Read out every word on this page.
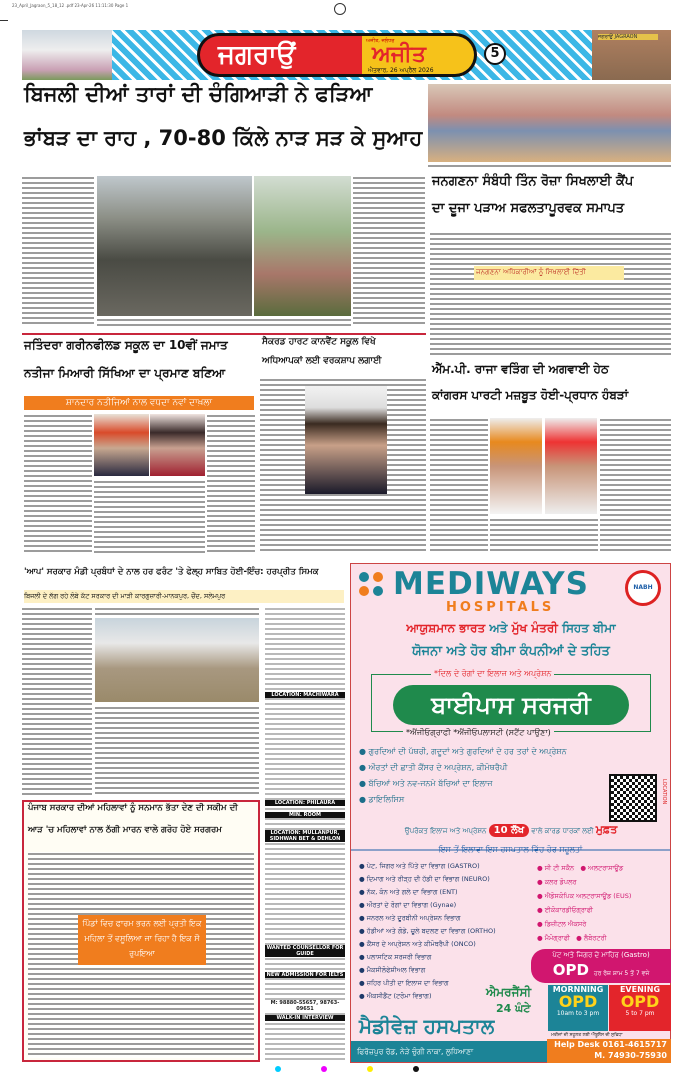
23_April_Jagraon_5_18_12 .pdf 23-Apr-26 11:11:30 Page 1
ਜਗਰਾਉਂ	ਅਜੀਤ, ਜਲੰਧਰ
ਅਜੀਤ
ਐਤਵਾਰ, 26 ਅਪ੍ਰੈਲ 2026
5
ਜਗਰਾਉਂ JAGRAON
ਬਿਜਲੀ ਦੀਆਂ ਤਾਰਾਂ ਦੀ ਚੰਗਿਆੜੀ ਨੇ ਫੜਿਆ
ਭਾਂਬੜ ਦਾ ਰਾਹ , 70-80 ਕਿੱਲੇ ਨਾੜ ਸੜ ਕੇ ਸੁਆਹ
ਜਨਗਣਨਾ ਸੰਬੰਧੀ ਤਿੰਨ ਰੋਜ਼ਾ ਸਿਖਲਾਈ ਕੈਂਪ
ਦਾ ਦੂਜਾ ਪੜਾਅ ਸਫਲਤਾਪੂਰਵਕ ਸਮਾਪਤ
ਜਨਗਣਨਾ ਅਧਿਕਾਰੀਆਂ ਨੂੰ ਸਿਖਲਾਈ ਦਿੱਤੀ
ਜਤਿੰਦਰਾ ਗਰੀਨਫੀਲਡ ਸਕੂਲ ਦਾ 10ਵੀਂ ਜਮਾਤ
ਨਤੀਜਾ ਮਿਆਰੀ ਸਿੱਖਿਆ ਦਾ ਪ੍ਰਮਾਣ ਬਣਿਆ
ਸ਼ਾਨਦਾਰ ਨਤੀਜਿਆਂ ਨਾਲ ਵਧਦਾ ਨਵਾਂ ਦਾਖ਼ਲਾ
ਸੈਕਰਡ ਹਾਰਟ ਕਾਨਵੈਂਟ ਸਕੂਲ ਵਿਖੇ
ਅਧਿਆਪਕਾਂ ਲਈ ਵਰਕਸ਼ਾਪ ਲਗਾਈ
ਐੱਮ.ਪੀ. ਰਾਜਾ ਵੜਿੰਗ ਦੀ ਅਗਵਾਈ ਹੇਠ
ਕਾਂਗਰਸ ਪਾਰਟੀ ਮਜ਼ਬੂਤ ਹੋਈ-ਪ੍ਰਧਾਨ ਹੰਬੜਾਂ
'ਆਪ' ਸਰਕਾਰ ਮੰਡੀ ਪ੍ਰਬੰਧਾਂ ਦੇ ਨਾਲ ਹਰ ਫਰੰਟ 'ਤੇ ਫੇਲ੍ਹ ਸਾਬਿਤ ਹੋਈ-ਇੰਚ: ਹਰਪ੍ਰੀਤ ਸਿਮਕ
ਬਿਜਲੀ ਦੇ ਲੱਗ ਰਹੇ ਲੰਬੇ ਕੱਟ ਸਰਕਾਰ ਦੀ ਮਾੜੀ ਕਾਰਗੁਜ਼ਾਰੀ-ਮਾਨਕਪੁਰ, ਚੌਂਦ, ਸਲੇਮਪੁਰ
LOCATION: MACHIWARA
LOCATION: PHILAURA
MIN. ROOM
LOCATION: MULLANPUR, SIDHWAN BET & DEHLON
WANTED COUNSELLOR FOR GUIDE
NEW ADMISSION FOR IELTS
M: 98880-55657, 98763-09651
WALK-IN INTERVIEW
ਪੰਜਾਬ ਸਰਕਾਰ ਦੀਆਂ ਮਹਿਲਾਵਾਂ ਨੂੰ ਸਨਮਾਨ ਭੱਤਾ ਦੇਣ ਦੀ ਸਕੀਮ ਦੀ
ਆੜ 'ਚ ਮਹਿਲਾਵਾਂ ਨਾਲ ਠੱਗੀ ਮਾਰਨ ਵਾਲੇ ਗਰੋਹ ਹੋਏ ਸਰਗਰਮ
ਪਿੰਡਾਂ ਵਿਚ ਫਾਰਮ ਭਰਨ ਲਈ ਪ੍ਰਤੀ ਇਕ ਮਹਿਲਾ ਤੋਂ ਵਸੂਲਿਆ ਜਾ ਰਿਹਾ ਹੈ ਇਕ ਸੌ ਰੁਪਇਆ
MEDIWAYS
HOSPITALS
NABH
ਆਯੁਸ਼ਮਾਨ ਭਾਰਤ ਅਤੇ ਮੁੱਖ ਮੰਤਰੀ ਸਿਹਤ ਬੀਮਾ
ਯੋਜਨਾ ਅਤੇ ਹੋਰ ਬੀਮਾ ਕੰਪਨੀਆਂ ਦੇ ਤਹਿਤ
*ਦਿਲ ਦੇ ਰੋਗਾਂ ਦਾ ਇਲਾਜ ਅਤੇ ਅਪ੍ਰੇਸ਼ਨ
ਬਾਈਪਾਸ ਸਰਜਰੀ
*ਐਂਜੀਓਗ੍ਰਾਫੀ *ਐਂਜੀਓਪਲਾਸਟੀ (ਸਟੈਂਟ ਪਾਉਣਾ)
● ਗੁਰਦਿਆਂ ਦੀ ਪੱਥਰੀ, ਗਦੂਦਾਂ ਅਤੇ ਗੁਰਦਿਆਂ ਦੇ ਹਰ ਤਰਾਂ ਦੇ ਅਪ੍ਰੇਸ਼ਨ
● ਔਰਤਾਂ ਦੀ ਛਾਤੀ ਕੈਂਸਰ ਦੇ ਅਪ੍ਰੇਸ਼ਨ, ਕੀਮੋਥਰੈਪੀ
● ਬੱਚਿਆਂ ਅਤੇ ਨਵ-ਜਨਮੇ ਬੱਚਿਆਂ ਦਾ ਇਲਾਜ
● ਡਾਇਲਿਸਿਸ	LOCATION
ਉਪਰੋਕਤ ਇਲਾਜ ਅਤੇ ਅਪ੍ਰੇਸ਼ਨ 10 ਲੱਖ ਵਾਲੇ ਕਾਰਡ ਧਾਰਕਾਂ ਲਈ ਮੁਫ਼ਤ
ਇਸ ਤੋਂ ਇਲਾਵਾ ਇਸ ਹਸਪਤਾਲ ਵਿੱਚ ਹੋਰ ਸਹੂਲਤਾਂ
● ਪੇਟ, ਜਿਗਰ ਅਤੇ ਪਿੱਤੇ ਦਾ ਵਿਭਾਗ (GASTRO)
● ਦਿਮਾਗ ਅਤੇ ਰੀੜ੍ਹ ਦੀ ਹੱਡੀ ਦਾ ਵਿਭਾਗ (NEURO)
● ਨੱਕ, ਕੰਨ ਅਤੇ ਗਲੇ ਦਾ ਵਿਭਾਗ (ENT)
● ਔਰਤਾਂ ਦੇ ਰੋਗਾਂ ਦਾ ਵਿਭਾਗ (Gynae)
● ਜਨਰਲ ਅਤੇ ਦੂਰਬੀਨੀ ਅਪ੍ਰੇਸ਼ਨ ਵਿਭਾਗ
● ਹੱਡੀਆਂ ਅਤੇ ਗੋਡੇ, ਚੂਲੇ ਬਦਲਣ ਦਾ ਵਿਭਾਗ (ORTHO)
● ਕੈਂਸਰ ਦੇ ਅਪ੍ਰੇਸ਼ਨ ਅਤੇ ਕੀਮੋਥਰੈਪੀ (ONCO)
● ਪਲਾਸਟਿਕ ਸਰਜਰੀ ਵਿਭਾਗ
● ਮੈਕਸੀਲੋਫੇਸ਼ੀਅਲ ਵਿਭਾਗ
● ਜ਼ਹਿਰ ਪੀਤੀ ਦਾ ਇਲਾਜ ਦਾ ਵਿਭਾਗ
● ਐਕਸੀਡੈਂਟ (ਟਰੋਮਾ ਵਿਭਾਗ)
● ਸੀ ਟੀ ਸਕੈਨ ● ਅਲਟਰਾਸਾਊਂਡ
● ਕਲਰ ਡੋਪਲਰ
● ਐਂਡੋਸਕੋਪਿਕ ਅਲਟਰਾਸਾਊਂਡ (EUS)
● ਈਕੋਕਾਰਡੀਓਗ੍ਰਾਫੀ
● ਡਿਜ਼ੀਟਲ ਐਕਸਰੇ
● ਮੈਮੋਗ੍ਰਾਫੀ ● ਲੈਬੋਰਟਰੀ
ਪੇਟ ਅਤੇ ਜਿਗਰ ਦੇ ਮਾਹਿਰ (Gastro)
OPD ਹਰ ਰੋਜ਼ ਸ਼ਾਮ 5 ਤੋਂ 7 ਵਜੇ
ਐਮਰਜੈਂਸੀ
24 ਘੰਟੇ
MORNNING
OPD
10am to 3 pm
EVENING
OPD
5 to 7 pm
ਮੈਡੀਵੇਜ਼ ਹਸਪਤਾਲ	ਮਰੀਜ਼ਾਂ ਦੀ ਸਹੂਲਤ ਲਈ ਐਂਬੂਲੈਂਸ ਦੀ ਸੁਵਿਧਾ
ਫਿਰੋਜ਼ਪੁਰ ਰੋਡ, ਨੇੜੇ ਚੁੰਗੀ ਨਾਕਾ, ਲੁਧਿਆਣਾ
Help Desk 0161-4615717
M. 74930-75930
